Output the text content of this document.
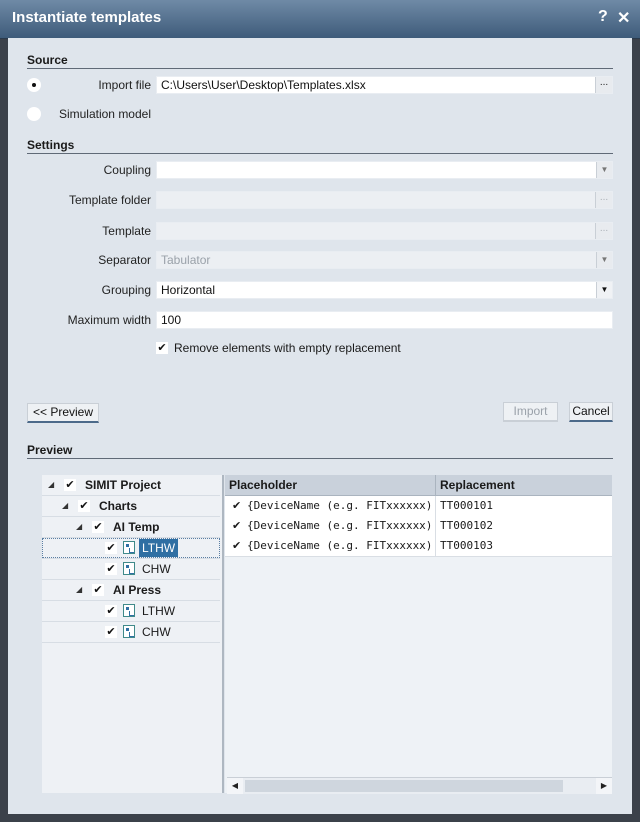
Instantiate templates	? ✕
Source
Import file C:\Users\User\Desktop\Templates.xlsx	...
Simulation model
Settings
Coupling	▼
Template folder	...
Template	...
Separator Tabulator	▼
Grouping Horizontal	▼
Maximum width 100
✔ Remove elements with empty replacement
<< Preview	Import	Cancel
Preview
◢ ✔ SIMIT Project
◢ ✔ Charts
◢ ✔ AI Temp
✔ LTHW
✔ CHW
◢ ✔ AI Press
✔ LTHW
✔ CHW
Placeholder	Replacement
✔ {DeviceName (e.g. FITxxxxxx) TT000101
✔ {DeviceName (e.g. FITxxxxxx) TT000102
✔ {DeviceName (e.g. FITxxxxxx) TT000103
◀	▶
